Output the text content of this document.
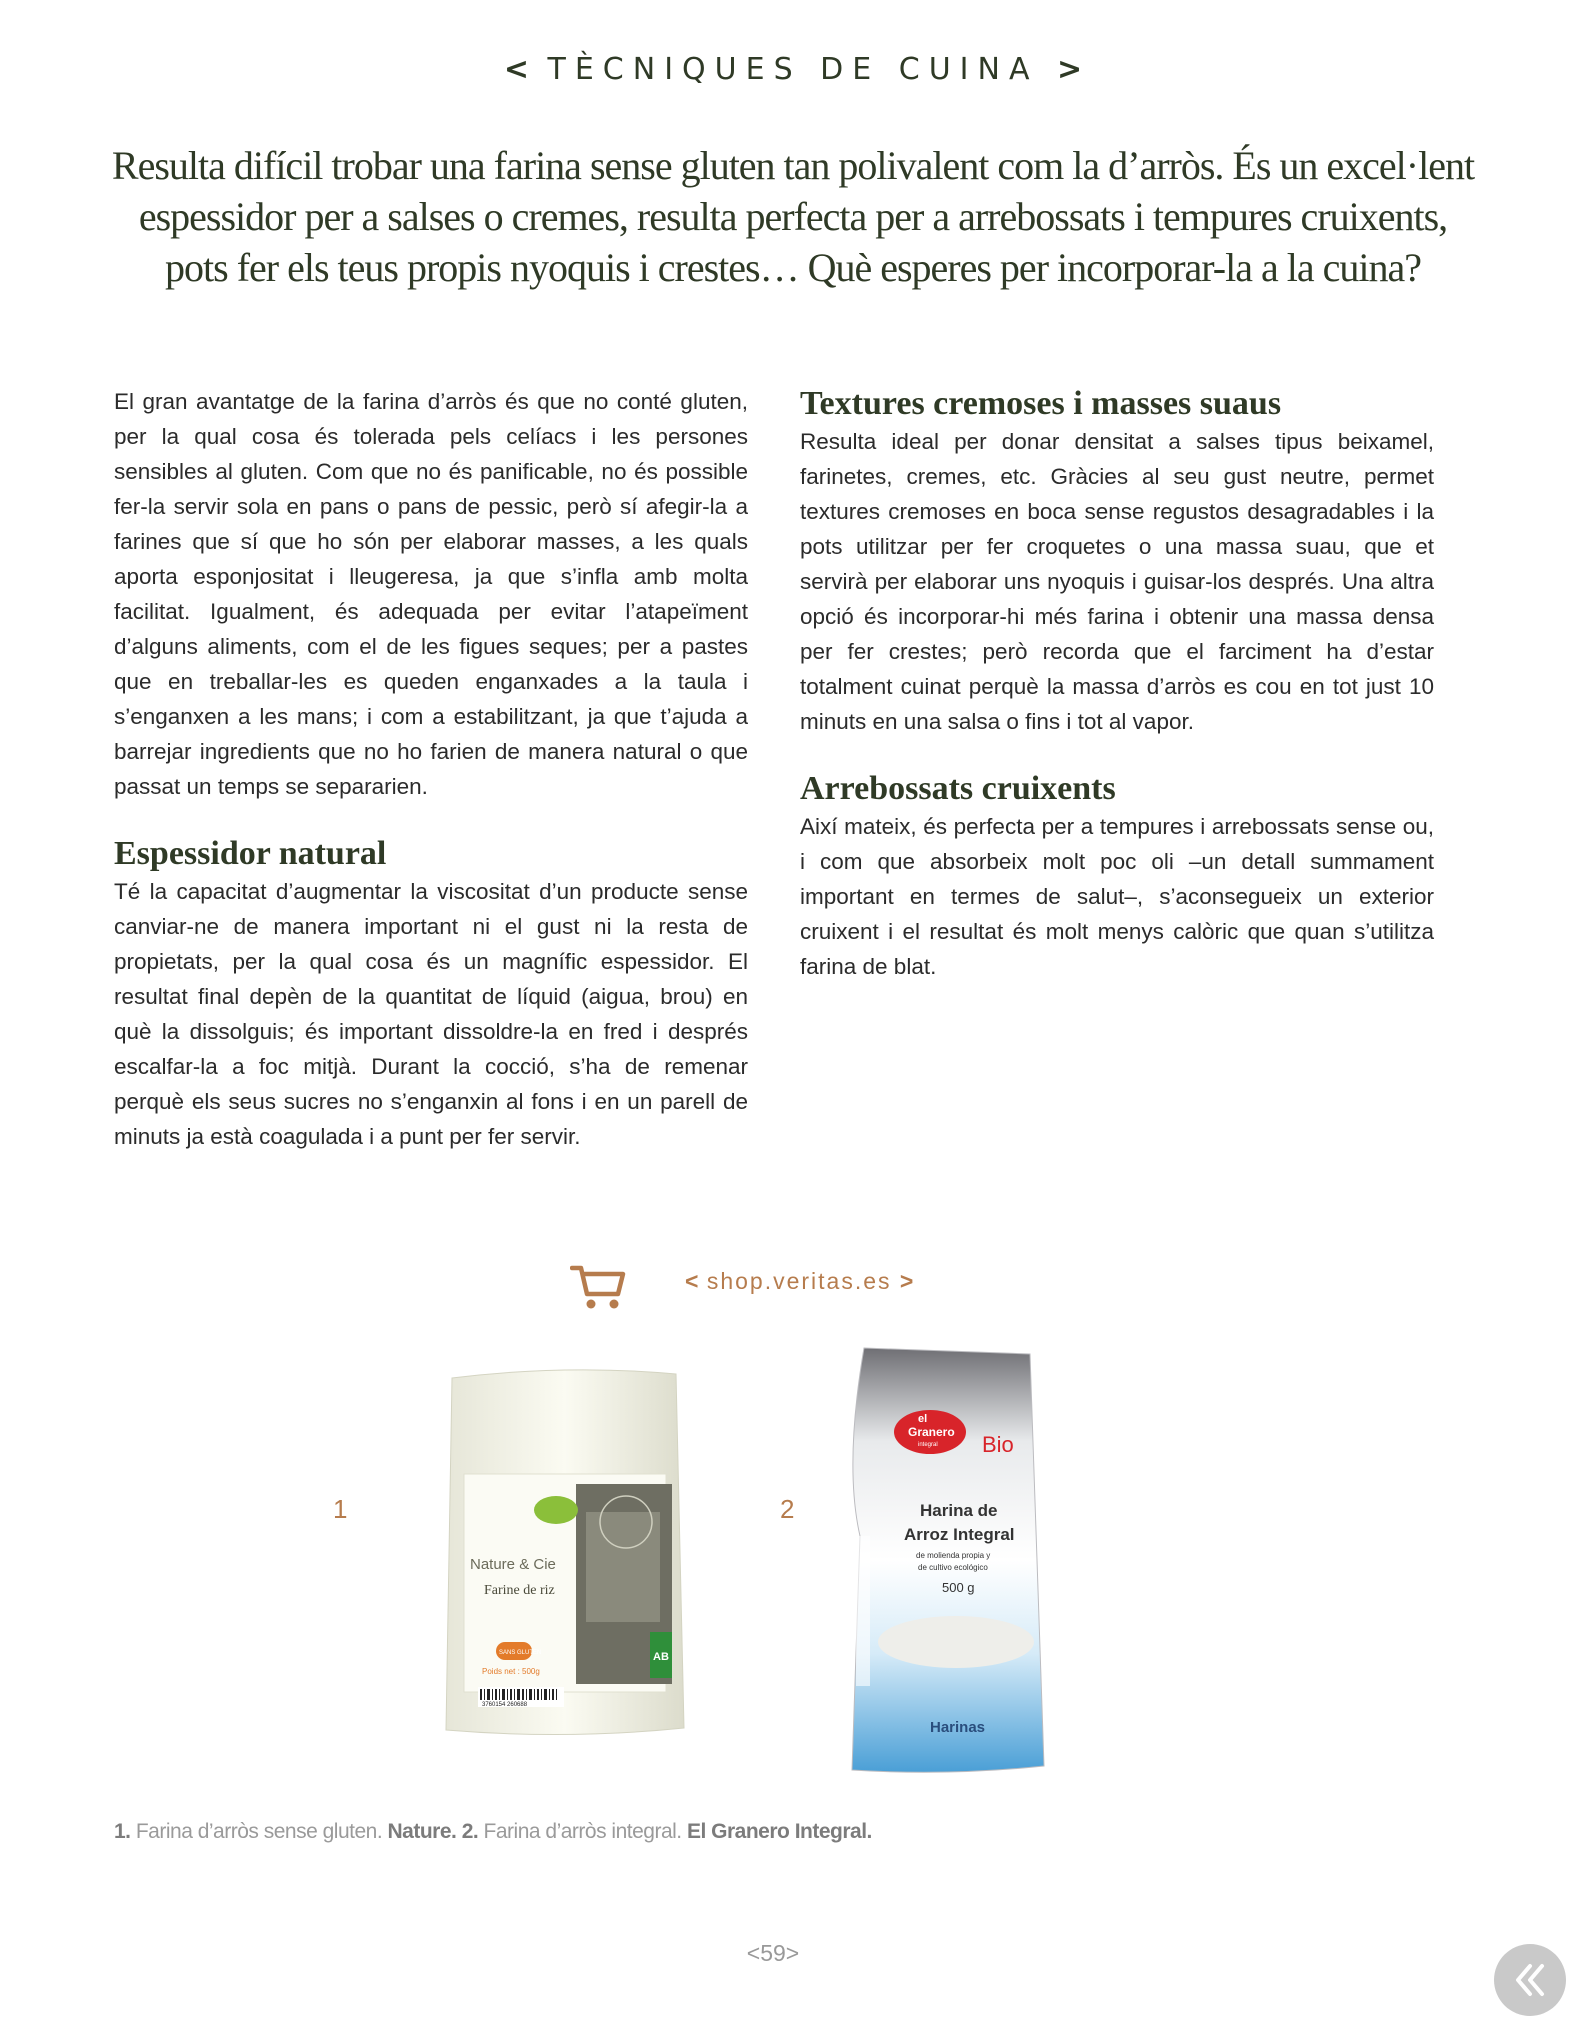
< TÈCNIQUES DE CUINA >
Resulta difícil trobar una farina sense gluten tan polivalent com la d’arròs. És un excel·lent espessidor per a salses o cremes, resulta perfecta per a arrebossats i tempures cruixents, pots fer els teus propis nyoquis i crestes… Què esperes per incorporar-la a la cuina?

El gran avantatge de la farina d’arròs és que no conté gluten, per la qual cosa és tolerada pels celíacs i les persones sensibles al gluten. Com que no és panificable, no és possible fer-la servir sola en pans o pans de pessic, però sí afegir-la a farines que sí que ho són per elaborar masses, a les quals aporta esponjositat i lleugeresa, ja que s’infla amb molta facilitat. Igualment, és adequada per evitar l’atapeïment d’alguns aliments, com el de les figues seques; per a pastes que en treballar-les es queden enganxades a la taula i s’enganxen a les mans; i com a estabilitzant, ja que t’ajuda a barrejar ingredients que no ho farien de manera natural o que passat un temps se separarien.

Espessidor natural

Té la capacitat d’augmentar la viscositat d’un producte sense canviar-ne de manera important ni el gust ni la resta de propietats, per la qual cosa és un magnífic espessidor. El resultat final depèn de la quantitat de líquid (aigua, brou) en què la dissolguis; és important dissoldre-la en fred i després escalfar-la a foc mitjà. Durant la cocció, s’ha de remenar perquè els seus sucres no s’enganxin al fons i en un parell de minuts ja està coagulada i a punt per fer servir.

Textures cremoses i masses suaus

Resulta ideal per donar densitat a salses tipus beixamel, farinetes, cremes, etc. Gràcies al seu gust neutre, permet textures cremoses en boca sense regustos desagradables i la pots utilitzar per fer croquetes o una massa suau, que et servirà per elaborar uns nyoquis i guisar-los després. Una altra opció és incorporar-hi més farina i obtenir una massa densa per fer crestes; però recorda que el farciment ha d’estar totalment cuinat perquè la massa d’arròs es cou en tot just 10 minuts en una salsa o fins i tot al vapor.

Arrebossats cruixents

Així mateix, és perfecta per a tempures i arrebossats sense ou, i com que absorbeix molt poc oli –un detall summament important en termes de salut–, s’aconsegueix un exterior cruixent i el resultat és molt menys calòric que quan s’utilitza farina de blat.

< shop.veritas.es >
1	2
Nature & Cie
Farine de riz
SANS GLUTEN
Poids net : 500g
3760154 260688
AB
el
Granero
integral Bio
Harina de
Arroz Integral
de molienda propia y
de cultivo ecológico
500 g
Harinas
1. Farina d’arròs sense gluten. Nature. 2. Farina d’arròs integral. El Granero Integral.
<59>
